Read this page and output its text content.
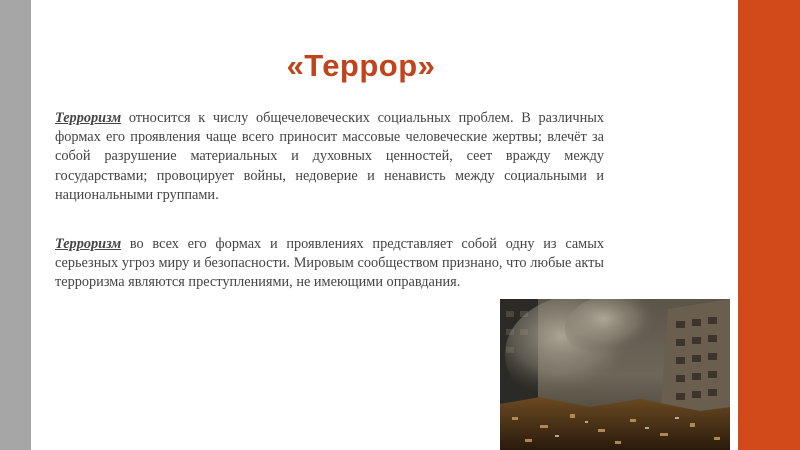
«Террор»

Терроризм относится к числу общечеловеческих социальных проблем. В различных формах его проявления чаще всего приносит массовые человеческие жертвы; влечёт за собой разрушение материальных и духовных ценностей, сеет вражду между государствами; провоцирует войны, недоверие и ненависть между социальными и национальными группами.

Терроризм во всех его формах и проявлениях представляет собой одну из самых серьезных угроз миру и безопасности. Мировым сообществом признано, что любые акты терроризма являются преступлениями, не имеющими оправдания.
